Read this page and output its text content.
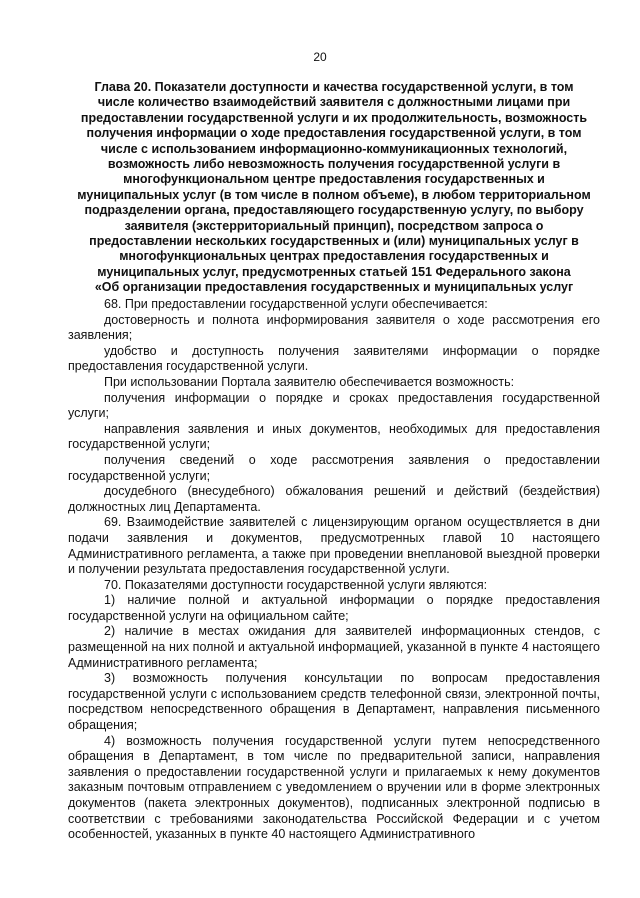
20
Глава 20. Показатели доступности и качества государственной услуги, в том
числе количество взаимодействий заявителя с должностными лицами при
предоставлении государственной услуги и их продолжительность, возможность
получения информации о ходе предоставления государственной услуги, в том
числе с использованием информационно-коммуникационных технологий,
возможность либо невозможность получения государственной услуги в
многофункциональном центре предоставления государственных и
муниципальных услуг (в том числе в полном объеме), в любом территориальном
подразделении органа, предоставляющего государственную услугу, по выбору
заявителя (экстерриториальный принцип), посредством запроса о
предоставлении нескольких государственных и (или) муниципальных услуг в
многофункциональных центрах предоставления государственных и
муниципальных услуг, предусмотренных статьей 151 Федерального закона
«Об организации предоставления государственных и муниципальных услуг

68. При предоставлении государственной услуги обеспечивается:

достоверность и полнота информирования заявителя о ходе рассмотрения его заявления;

удобство и доступность получения заявителями информации о порядке предоставления государственной услуги.

При использовании Портала заявителю обеспечивается возможность:

получения информации о порядке и сроках предоставления государственной услуги;

направления заявления и иных документов, необходимых для предоставления государственной услуги;

получения сведений о ходе рассмотрения заявления о предоставлении государственной услуги;

досудебного (внесудебного) обжалования решений и действий (бездействия) должностных лиц Департамента.

69. Взаимодействие заявителей с лицензирующим органом осуществляется в дни подачи заявления и документов, предусмотренных главой 10 настоящего Административного регламента, а также при проведении внеплановой выездной проверки и получении результата предоставления государственной услуги.

70. Показателями доступности государственной услуги являются:

1) наличие полной и актуальной информации о порядке предоставления государственной услуги на официальном сайте;

2) наличие в местах ожидания для заявителей информационных стендов, с размещенной на них полной и актуальной информацией, указанной в пункте 4 настоящего Административного регламента;

3) возможность получения консультации по вопросам предоставления государственной услуги с использованием средств телефонной связи, электронной почты, посредством непосредственного обращения в Департамент, направления письменного обращения;

4) возможность получения государственной услуги путем непосредственного обращения в Департамент, в том числе по предварительной записи, направления заявления о предоставлении государственной услуги и прилагаемых к нему документов заказным почтовым отправлением с уведомлением о вручении или в форме электронных документов (пакета электронных документов), подписанных электронной подписью в соответствии с требованиями законодательства Российской Федерации и с учетом особенностей, указанных в пункте 40 настоящего Административного
